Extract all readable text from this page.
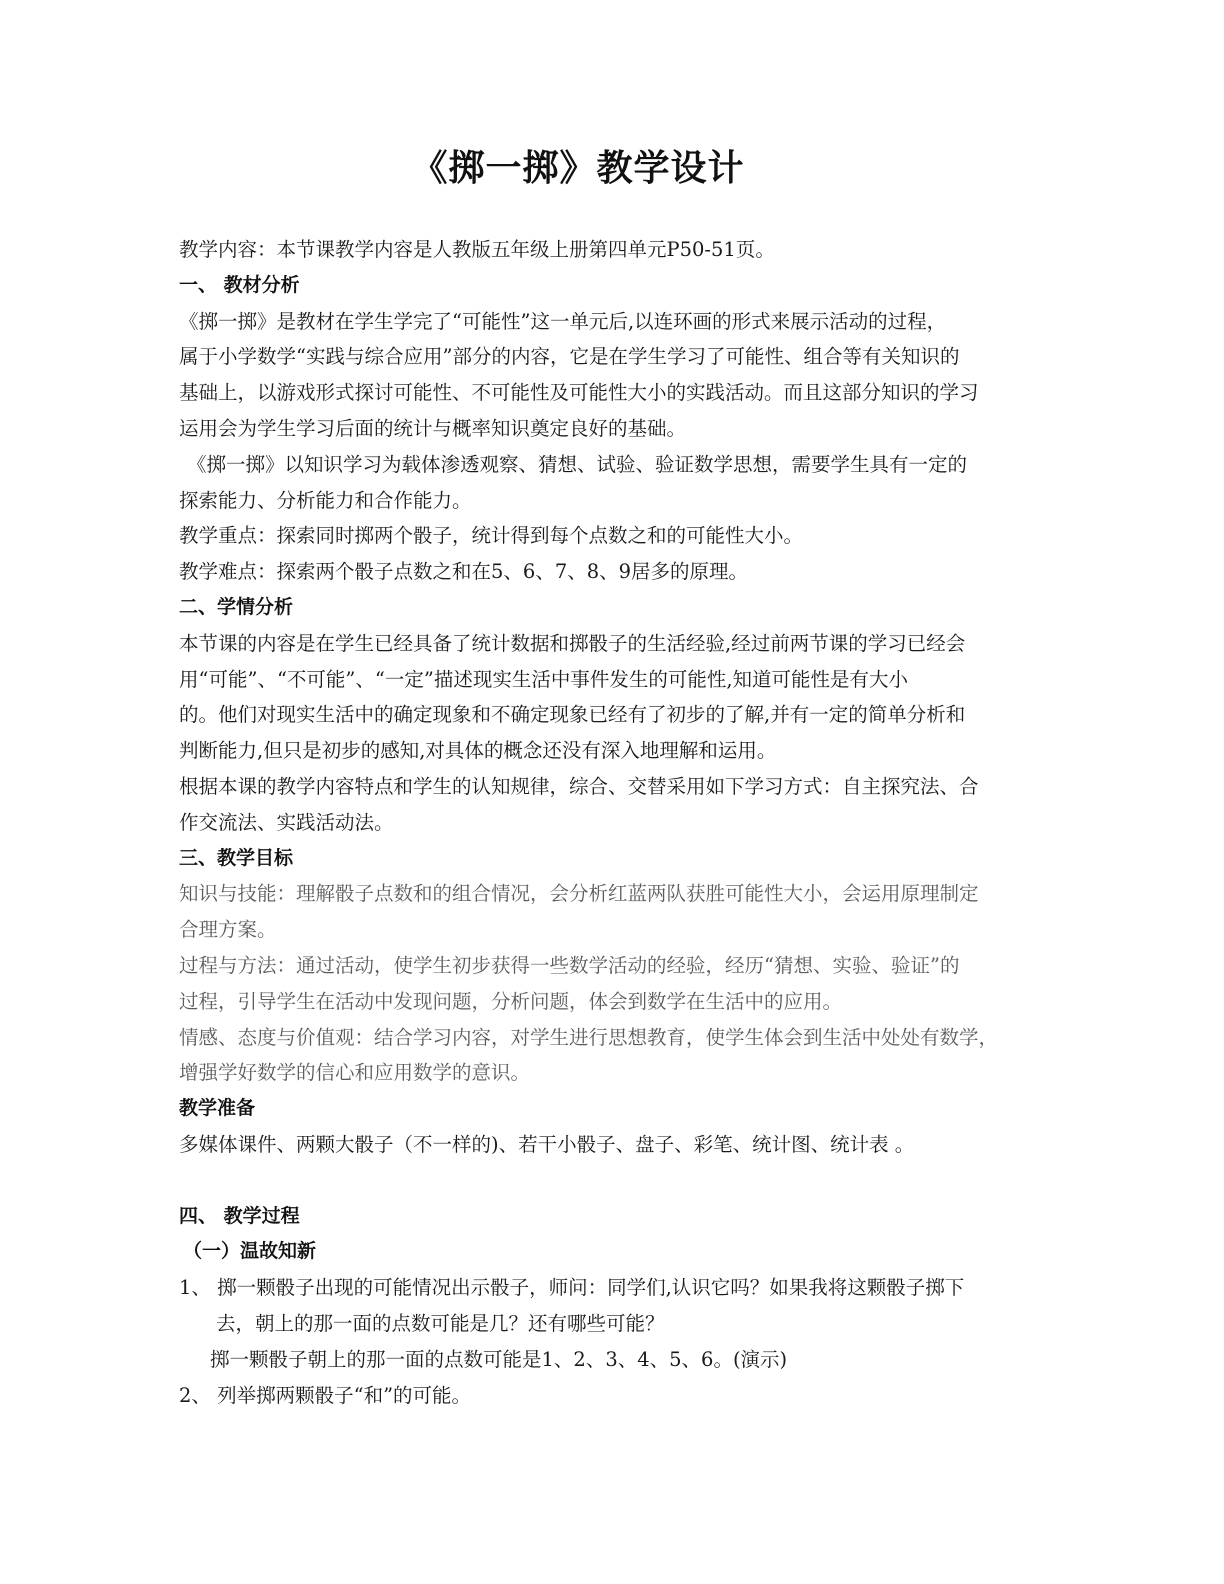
《掷一掷》教学设计
教学内容：本节课教学内容是人教版五年级上册第四单元P50-51页。
一、 教材分析
《掷一掷》是教材在学生学完了“可能性”这一单元后,以连环画的形式来展示活动的过程，
属于小学数学“实践与综合应用”部分的内容，它是在学生学习了可能性、组合等有关知识的
基础上，以游戏形式探讨可能性、不可能性及可能性大小的实践活动。而且这部分知识的学习
运用会为学生学习后面的统计与概率知识奠定良好的基础。
《掷一掷》以知识学习为载体渗透观察、猜想、试验、验证数学思想，需要学生具有一定的
探索能力、分析能力和合作能力。
教学重点：探索同时掷两个骰子，统计得到每个点数之和的可能性大小。
教学难点：探索两个骰子点数之和在5、6、7、8、9居多的原理。
二、学情分析
本节课的内容是在学生已经具备了统计数据和掷骰子的生活经验,经过前两节课的学习已经会
用“可能”、“不可能”、“一定”描述现实生活中事件发生的可能性,知道可能性是有大小
的。他们对现实生活中的确定现象和不确定现象已经有了初步的了解,并有一定的简单分析和
判断能力,但只是初步的感知,对具体的概念还没有深入地理解和运用。
根据本课的教学内容特点和学生的认知规律，综合、交替采用如下学习方式：自主探究法、合
作交流法、实践活动法。
三、教学目标
知识与技能：理解骰子点数和的组合情况，会分析红蓝两队获胜可能性大小，会运用原理制定
合理方案。
过程与方法：通过活动，使学生初步获得一些数学活动的经验，经历“猜想、实验、验证”的
过程，引导学生在活动中发现问题，分析问题，体会到数学在生活中的应用。
情感、态度与价值观：结合学习内容，对学生进行思想教育，使学生体会到生活中处处有数学，
增强学好数学的信心和应用数学的意识。
教学准备
多媒体课件、两颗大骰子（不一样的)、若干小骰子、盘子、彩笔、统计图、统计表 。
四、 教学过程
（一）温故知新
1、 掷一颗骰子出现的可能情况出示骰子，师问：同学们,认识它吗？如果我将这颗骰子掷下
去，朝上的那一面的点数可能是几？还有哪些可能？
掷一颗骰子朝上的那一面的点数可能是1、2、3、4、5、6。(演示)
2、 列举掷两颗骰子“和”的可能。
